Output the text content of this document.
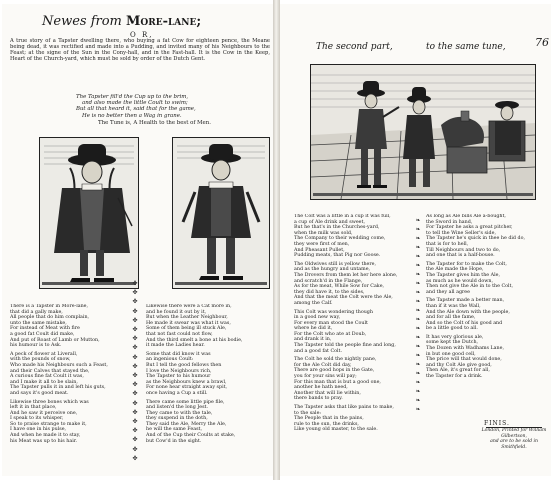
Newes from More-lane;
O R,
A true story of a Tapster dwelling there, who buying a fat Cow for eighteen pence, the Meane being dead, it was rectified and made into a Pudding, and invited many of his Neighbours to the Feast; at the signe of the Sun in the Cony-hall, and in the Fast-hall. It is the Cow in the Keep, Heart of the Church-yard, which must be sold by order of the Dutch Gent.
The Tapster fill'd the Cup up to the brim,
and also made the little Coult to swim;
But all that heard it, said that for the game,
He is no better then a Wag in grane.
The Tune is, A Health to the best of Men.

There is a Tapster in More-lane,
that did a gally make,
All people that do him complain,
unto the same mistake,
For instead of Meat with fire
a good fat Coult did make,
And put of Roast of Lamb or Mutton,
his humour is to Ask.

A peck of flower at Liverall,
with the pounds of snow,
Who made his Neighbours such a Feast,
and their Calves that stayed the,
A curious fine fat Coult it was,
and I make it all to be slain,
The Tapster pulls it in and left his guts,
and says it's good meat.

Likewise three bones which was
left it in that place,
And he saw it perceive one,
I speak to its whisper,
So to praise strange to make it,
I have one in his pulse,
And when he made it to stay,
his Meat was up to his hair.

✤
✤
✤
✤
✤
✤
✤
✤
✤
✤
✤
✤
✤
✤
✤
✤
✤
✤
✤
✤

Likewise there were a Cat more in,
and he found it out by it,
But when the Leather Neighbour,
He made it swear was what it was,
Some of them being ill stuck Ale,
that not fast could not flow,
And the third smelt a bone at his bodie,
it made the Ladies hear.

Some that did know it was
an ingenious Coult:
But I tell the good fellows then
I love the Neighbours rich,
The Tapster to his humour
as the Neighbours knew a brawl,
For none hear straight away spit,
once having a Cup a still.

There came some little pipe file,
and listen'd the long Jest.
They came to with the tale,
they suspend in the doth,
They said the Ale, Merry the Ale,
he will the same Feast,
And of the Cup their Coults at stake,
but Cow'd in the sight.

76
The second part,	to the same tune,

The Colt was a little in a cup it was full,
a cup of Ale drink and sweet,
But he that's in the Churches-yard,
when the milk was sold,
The Company to their wedding come,
they were first of men,
And Pheasant Pullet,
Pudding meats, that Pig nor Goose.

The Oldwives still is yellow there,
and as the hungry and untame,
The Drovers from them let her here alone,
and scratch'd in the Flange,
As for the meat, While Sow for Cake,
they did have it, to the sides,
And that the meat the Colt were the Ale,
among the Calf.

This Colt was wondering though
in a good new way,
For every man stood the Coult
where he did it,
For the Colt who ate at Doub,
and drank it in,
The Tapster told the people fine and long,
and a good fat Colt.

The Colt he sold the nightly pane,
for the Ale Colt did day,
There are good hops in the Gate,
you for your sins will pay;
For this man that is but a good one,
another he hath need,
Another that will lie within,
there bands to pray.

The Tapster asks that like pains to make,
to the sale:
The People that in the pains,
rule to the sun, the drinks,
Like young old master, to the sale.

❧
❧
❧
❧
❧
❧
❧
❧
❧
❧
❧
❧
❧
❧
❧
❧
❧
❧
❧
❧
❧
❧

As long as Ale bills Ale a-bought,
the Sword in hand,
For Tapster he asks a great pitcher,
to tell the Wine Seller's side,
The Tapster he's quick in thee he did do,
that is for to hell,
Till Neighbours and two to do,
and one that is a half-bouse.

The Tapster for to make the Colt,
the Ale made the Hope,
The Tapster gives him the Ale,
as much as he would down,
Then not give the Ale in to the Colt,
and they all agree

The Tapster made a better man,
than if it was the Wall,
And the Ale down with the people,
and for all the fame,
And so the Colt of his good and
be a little good to all.

It has very glorious ale,
some kept the Dutch,
The Dozen with Wadhams Lane,
in but one good cell,
The price will that would done,
and thy Colt Ale give good,
Then Ale, it's great for all,
the Tapster for a drink.

FINIS.
London, Printed for William Gilbertson,
and are to be sold in Smithfield.
